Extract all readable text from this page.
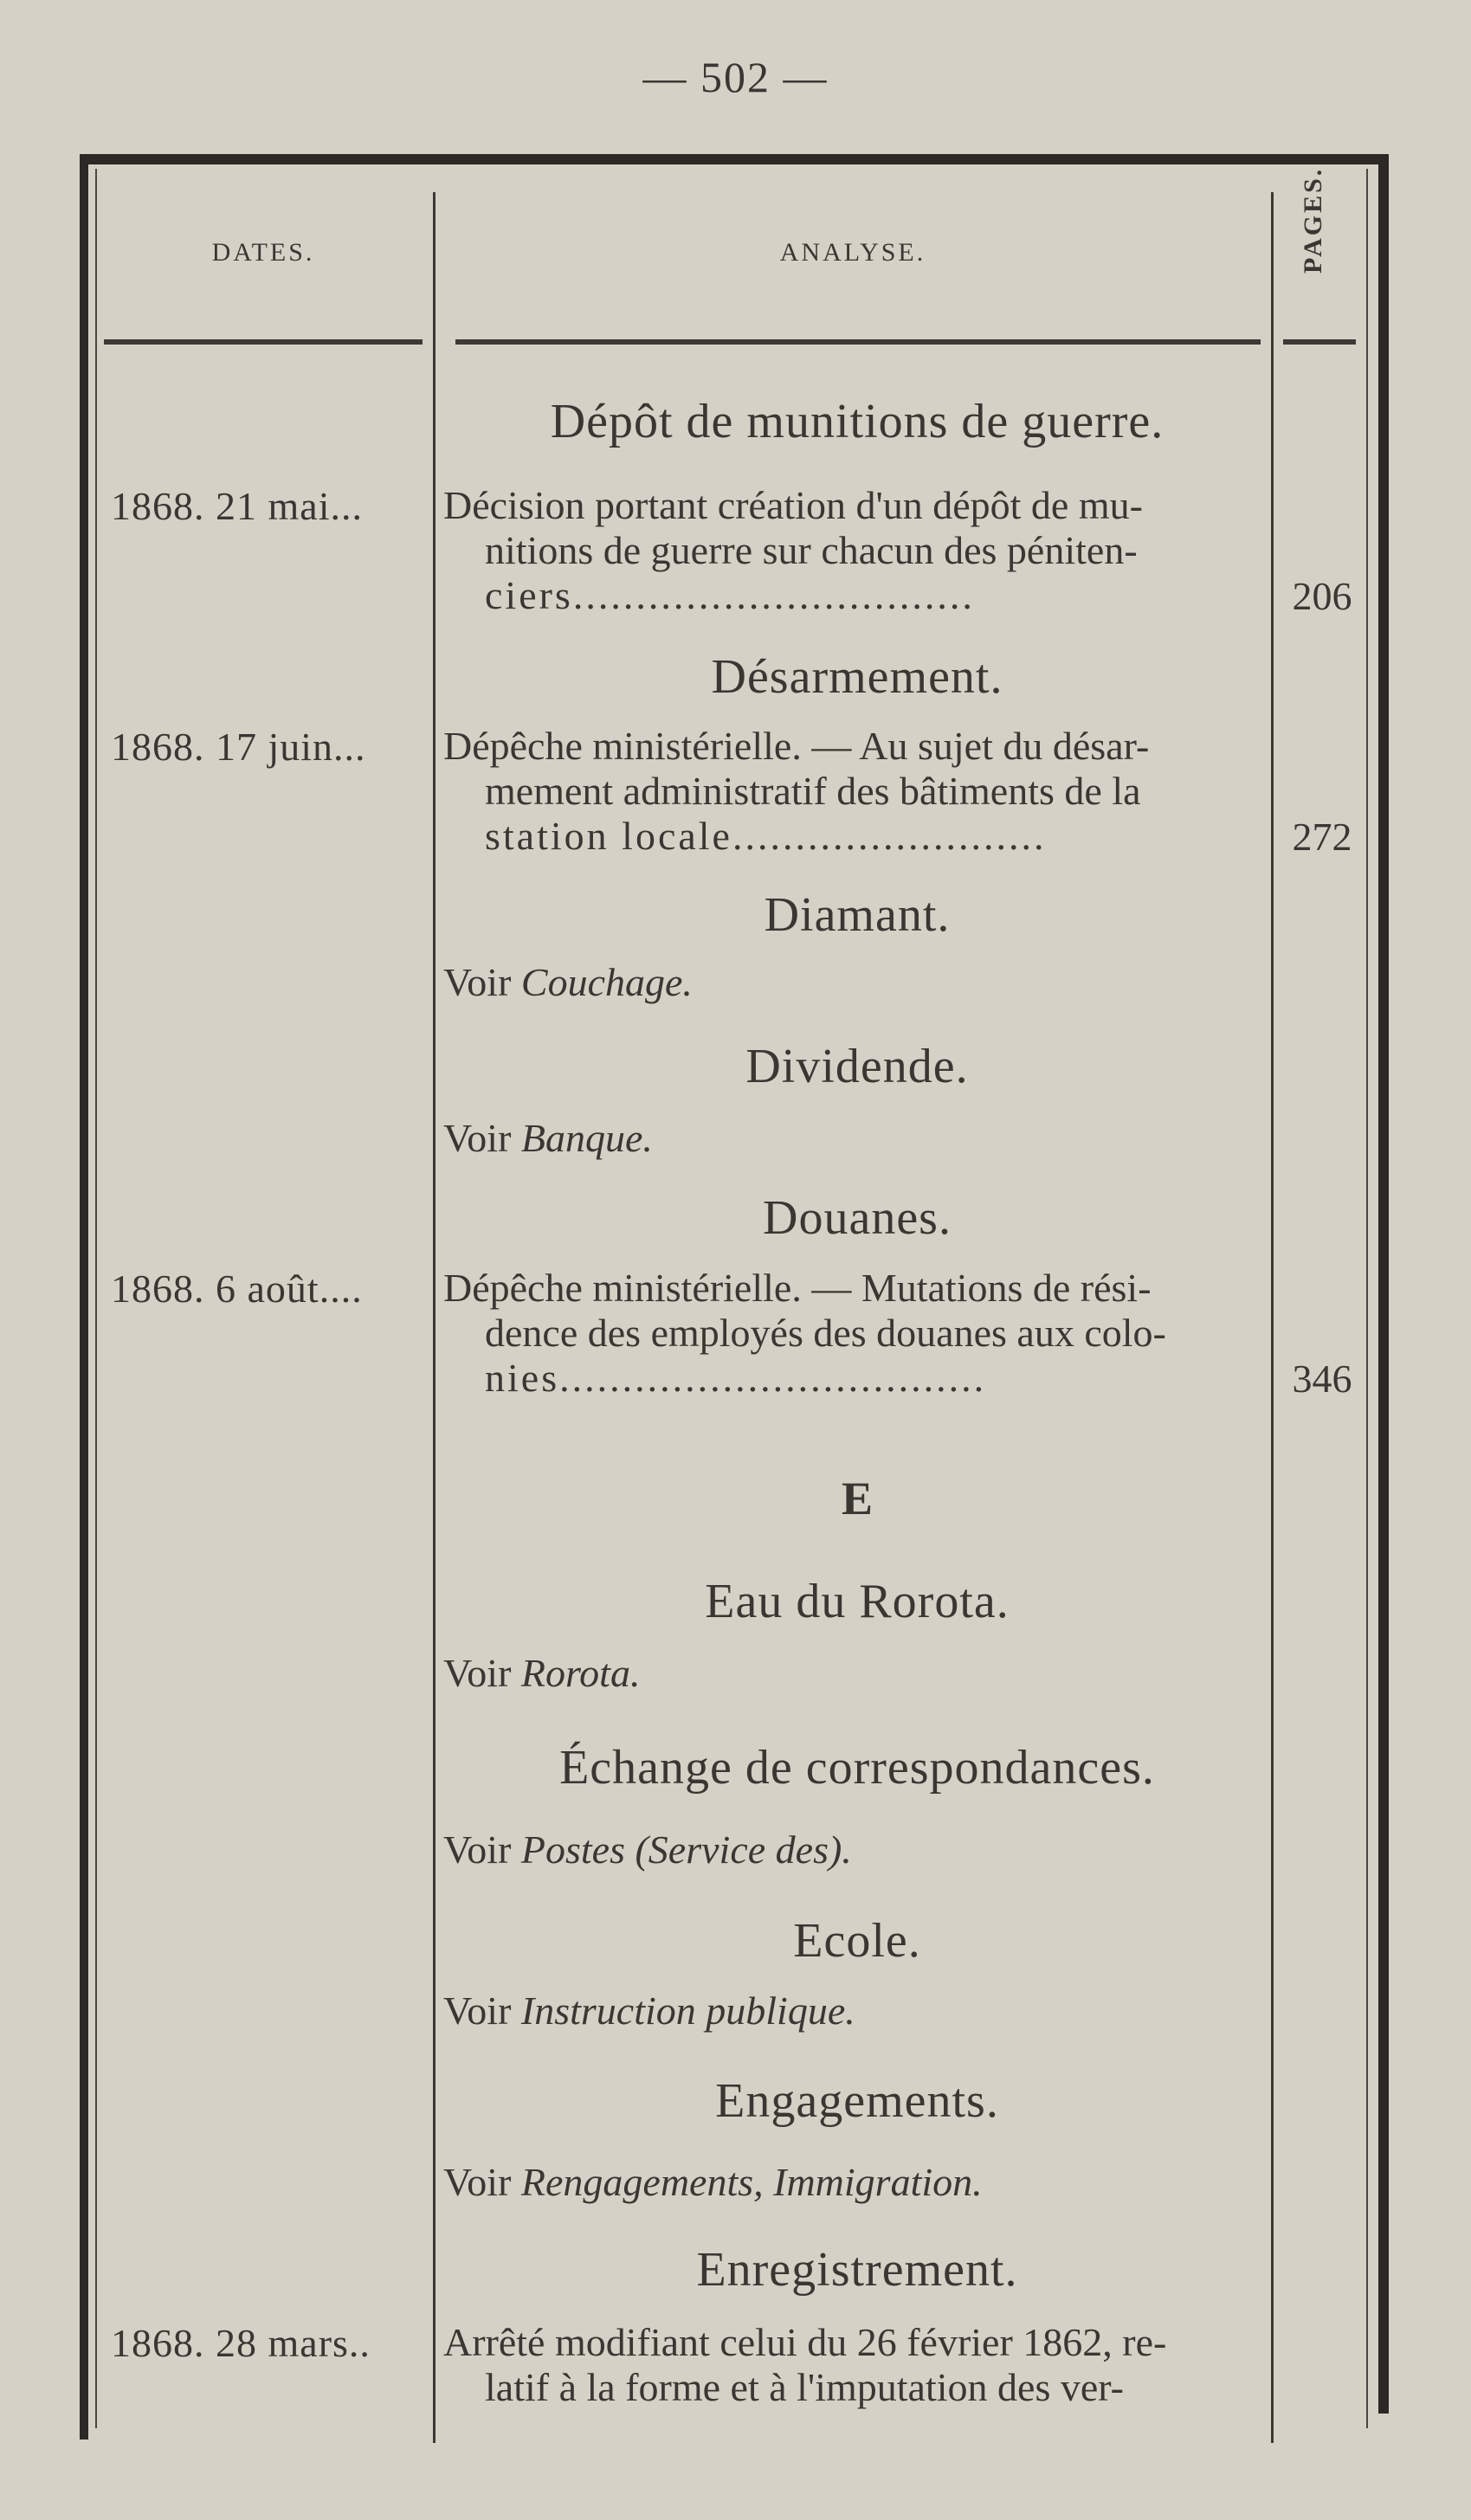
— 502 —
DATES.	ANALYSE.	PAGES.
Dépôt de munitions de guerre.
1868. 21 mai...	Décision portant création d'un dépôt de mu-
nitions de guerre sur chacun des péniten-
ciers................................	206
Désarmement.
1868. 17 juin...	Dépêche ministérielle. — Au sujet du désar-
mement administratif des bâtiments de la
station locale.........................	272
Diamant.
Voir Couchage.
Dividende.
Voir Banque.
Douanes.
1868. 6 août....	Dépêche ministérielle. — Mutations de rési-
dence des employés des douanes aux colo-
nies..................................	346
E
Eau du Rorota.
Voir Rorota.
Échange de correspondances.
Voir Postes (Service des).
Ecole.
Voir Instruction publique.
Engagements.
Voir Rengagements, Immigration.
Enregistrement.
1868. 28 mars..	Arrêté modifiant celui du 26 février 1862, re-
latif à la forme et à l'imputation des ver-
